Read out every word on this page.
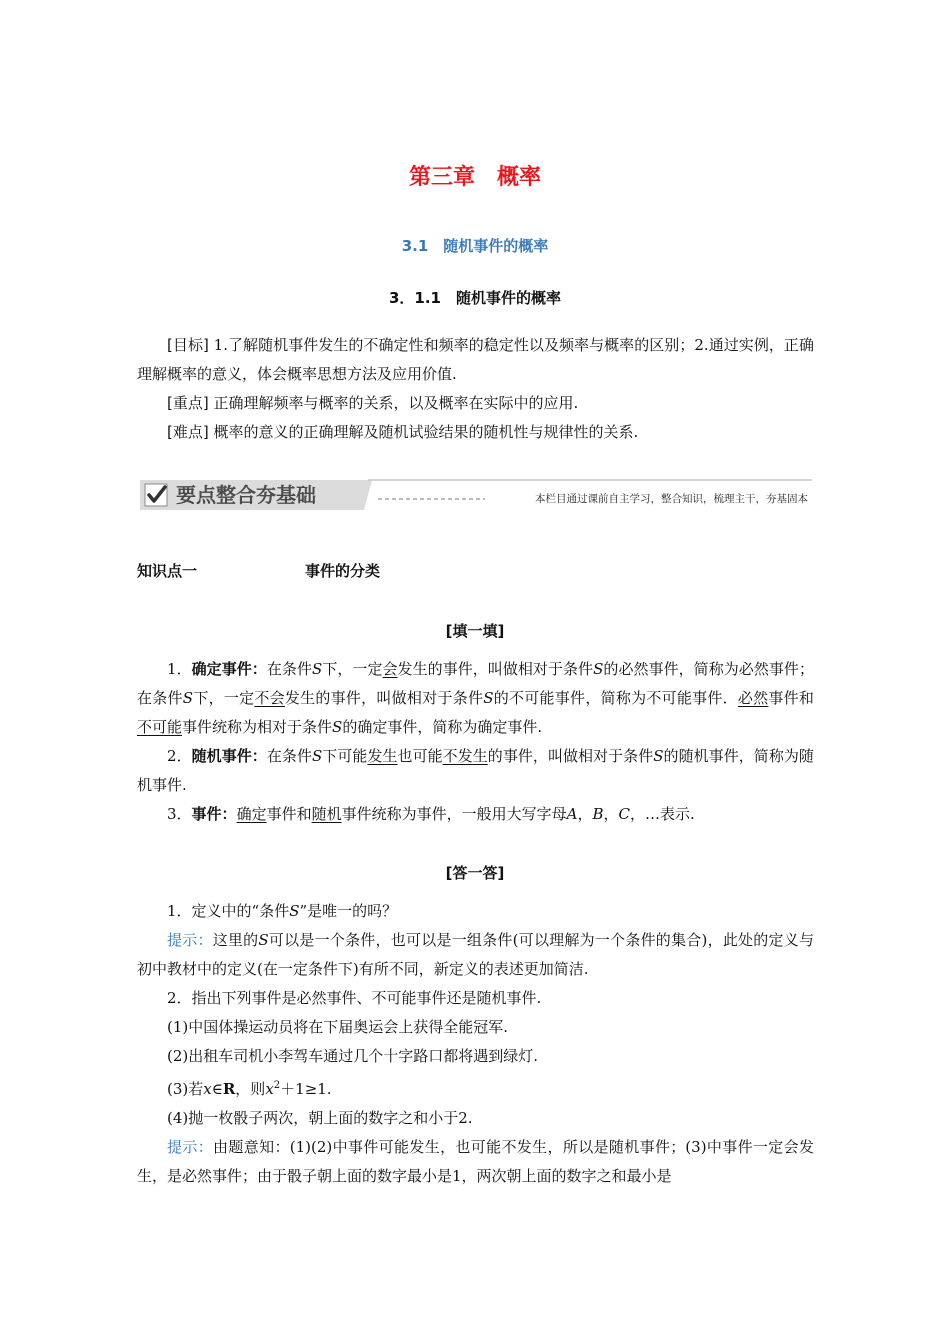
第三章　概率
3.1　随机事件的概率
3．1.1　随机事件的概率

[目标] 1.了解随机事件发生的不确定性和频率的稳定性以及频率与概率的区别；2.通过实例，正确理解概率的意义，体会概率思想方法及应用价值.

[重点] 正确理解频率与概率的关系，以及概率在实际中的应用.

[难点] 概率的意义的正确理解及随机试验结果的随机性与规律性的关系.

要点整合夯基础	本栏目通过课前自主学习，整合知识，梳理主干，夯基固本
知识点一	事件的分类
[填一填]

1．确定事件：在条件S下，一定会发生的事件，叫做相对于条件S的必然事件，简称为必然事件；在条件S下，一定不会发生的事件，叫做相对于条件S的不可能事件，简称为不可能事件．必然事件和不可能事件统称为相对于条件S的确定事件，简称为确定事件.

2．随机事件：在条件S下可能发生也可能不发生的事件，叫做相对于条件S的随机事件，简称为随机事件.

3．事件：确定事件和随机事件统称为事件，一般用大写字母A，B，C，…表示.

[答一答]

1．定义中的“条件S”是唯一的吗？

提示：这里的S可以是一个条件，也可以是一组条件(可以理解为一个条件的集合)，此处的定义与初中教材中的定义(在一定条件下)有所不同，新定义的表述更加简洁.

2．指出下列事件是必然事件、不可能事件还是随机事件.

(1)中国体操运动员将在下届奥运会上获得全能冠军.

(2)出租车司机小李驾车通过几个十字路口都将遇到绿灯.

(3)若x∈R，则$x^2+1\ge 1$.

(4)抛一枚骰子两次，朝上面的数字之和小于2.

提示：由题意知：(1)(2)中事件可能发生，也可能不发生，所以是随机事件；(3)中事件一定会发生，是必然事件；由于骰子朝上面的数字最小是1，两次朝上面的数字之和最小是
